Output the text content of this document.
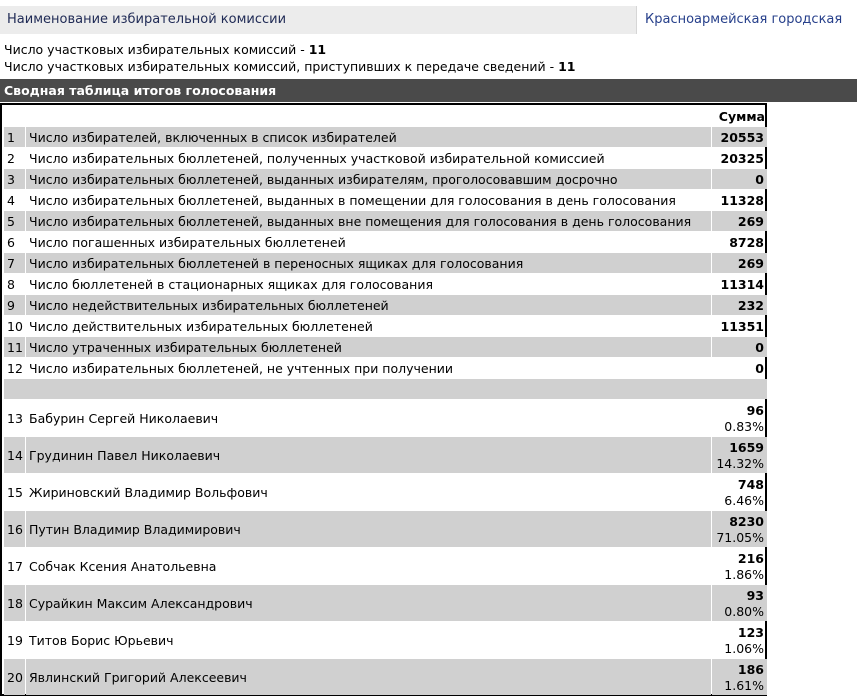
Наименование избирательной комиссии	Красноармейская городская
Число участковых избирательных комиссий - 11
Число участковых избирательных комиссий, приступивших к передаче сведений - 11
Сводная таблица итогов голосования
Сумма
1	Число избирателей, включенных в список избирателей	20553
2	Число избирательных бюллетеней, полученных участковой избирательной комиссией	20325
3	Число избирательных бюллетеней, выданных избирателям, проголосовавшим досрочно	0
4	Число избирательных бюллетеней, выданных в помещении для голосования в день голосования	11328
5	Число избирательных бюллетеней, выданных вне помещения для голосования в день голосования	269
6	Число погашенных избирательных бюллетеней	8728
7	Число избирательных бюллетеней в переносных ящиках для голосования	269
8	Число бюллетеней в стационарных ящиках для голосования	11314
9	Число недействительных избирательных бюллетеней	232
10 Число действительных избирательных бюллетеней	11351
11 Число утраченных избирательных бюллетеней	0
12 Число избирательных бюллетеней, не учтенных при получении	0
13 Бабурин Сергей Николаевич
96
0.83%
14 Грудинин Павел Николаевич
1659
14.32%
15 Жириновский Владимир Вольфович
748
6.46%
16 Путин Владимир Владимирович
8230
71.05%
17 Собчак Ксения Анатольевна
216
1.86%
18 Сурайкин Максим Александрович
93
0.80%
19 Титов Борис Юрьевич
123
1.06%
20 Явлинский Григорий Алексеевич
186
1.61%
